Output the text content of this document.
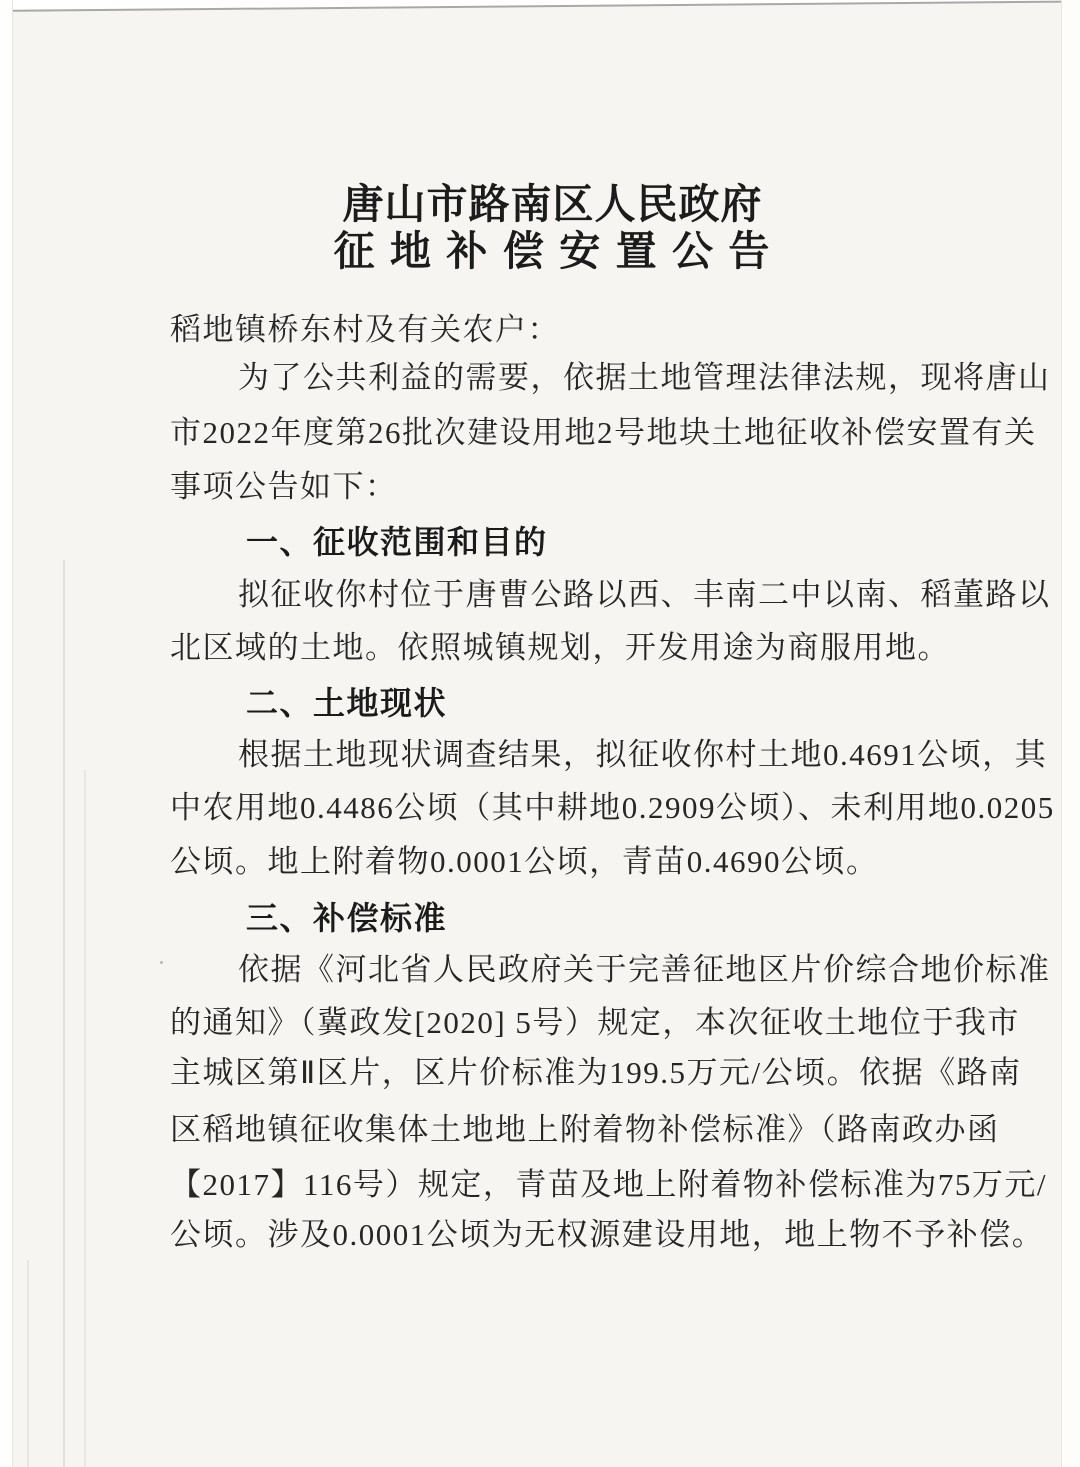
唐山市路南区人民政府
征 地 补 偿 安 置 公 告
稻地镇桥东村及有关农户：
为了公共利益的需要，依据土地管理法律法规，现将唐山
市2022年度第26批次建设用地2号地块土地征收补偿安置有关
事项公告如下：
一、征收范围和目的
拟征收你村位于唐曹公路以西、丰南二中以南、稻董路以
北区域的土地。依照城镇规划，开发用途为商服用地。
二、土地现状
根据土地现状调查结果，拟征收你村土地0.4691公顷，其
中农用地0.4486公顷（其中耕地0.2909公顷）、未利用地0.0205
公顷。地上附着物0.0001公顷，青苗0.4690公顷。
三、补偿标准
依据《河北省人民政府关于完善征地区片价综合地价标准
的通知》（冀政发[2020] 5号）规定，本次征收土地位于我市
主城区第Ⅱ区片，区片价标准为199.5万元/公顷。依据《路南
区稻地镇征收集体土地地上附着物补偿标准》（路南政办函
【2017】116号）规定，青苗及地上附着物补偿标准为75万元/
公顷。涉及0.0001公顷为无权源建设用地，地上物不予补偿。
